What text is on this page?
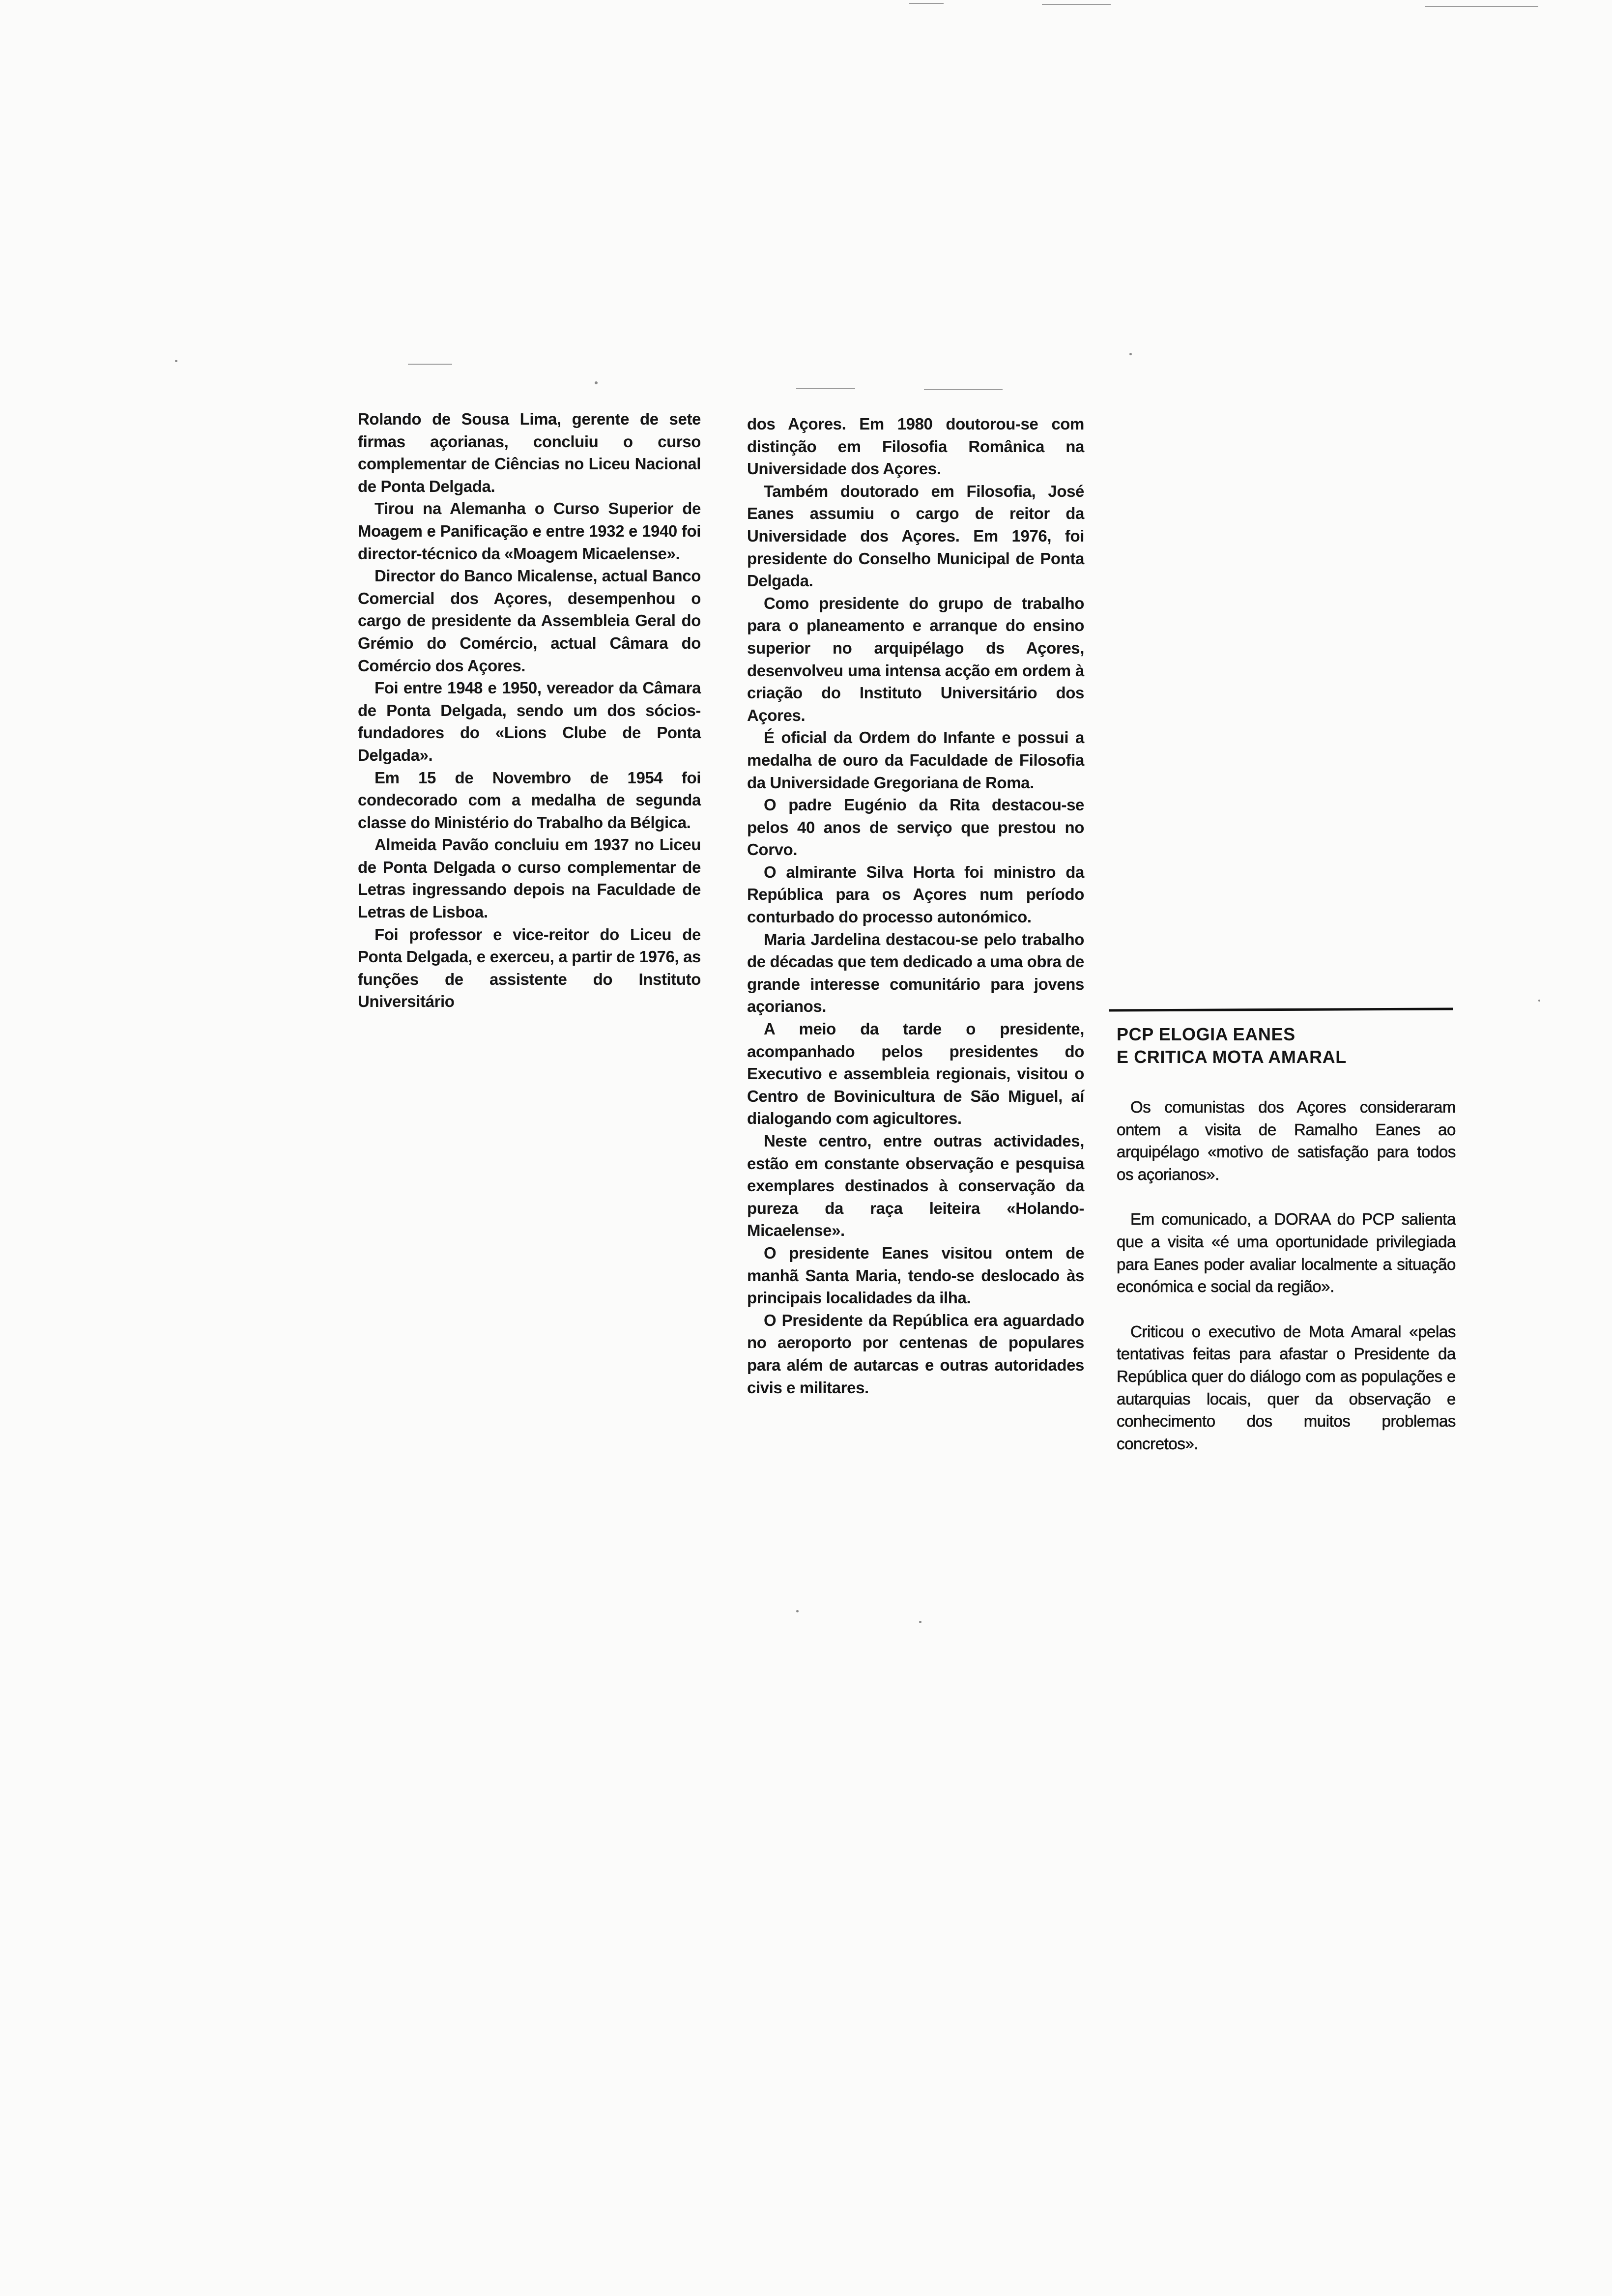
Rolando de Sousa Lima, gerente de sete firmas açorianas, concluiu o curso complementar de Ciências no Liceu Nacional de Ponta Delgada.

Tirou na Alemanha o Curso Superior de Moagem e Panificação e entre 1932 e 1940 foi director-técnico da «Moagem Micaelense».

Director do Banco Micalense, actual Banco Comercial dos Açores, desempenhou o cargo de presidente da Assembleia Geral do Grémio do Comércio, actual Câmara do Comércio dos Açores.

Foi entre 1948 e 1950, vereador da Câmara de Ponta Delgada, sendo um dos sócios-fundadores do «Lions Clube de Ponta Delgada».

Em 15 de Novembro de 1954 foi condecorado com a medalha de segunda classe do Ministério do Trabalho da Bélgica.

Almeida Pavão concluiu em 1937 no Liceu de Ponta Delgada o curso complementar de Letras ingressando depois na Faculdade de Letras de Lisboa.

Foi professor e vice-reitor do Liceu de Ponta Delgada, e exerceu, a partir de 1976, as funções de assistente do Instituto Universitário

dos Açores. Em 1980 doutorou-se com distinção em Filosofia Românica na Universidade dos Açores.

Também doutorado em Filosofia, José Eanes assumiu o cargo de reitor da Universidade dos Açores. Em 1976, foi presidente do Conselho Municipal de Ponta Delgada.

Como presidente do grupo de trabalho para o planeamento e arranque do ensino superior no arquipélago ds Açores, desenvolveu uma intensa acção em ordem à criação do Instituto Universitário dos Açores.

É oficial da Ordem do Infante e possui a medalha de ouro da Faculdade de Filosofia da Universidade Gregoriana de Roma.

O padre Eugénio da Rita destacou-se pelos 40 anos de serviço que prestou no Corvo.

O almirante Silva Horta foi ministro da República para os Açores num período conturbado do processo autonómico.

Maria Jardelina destacou-se pelo trabalho de décadas que tem dedicado a uma obra de grande interesse comunitário para jovens açorianos.

A meio da tarde o presidente, acompanhado pelos presidentes do Executivo e assembleia regionais, visitou o Centro de Bovinicultura de São Miguel, aí dialogando com agicultores.

Neste centro, entre outras actividades, estão em constante observação e pesquisa exemplares destinados à conservação da pureza da raça leiteira «Holando-Micaelense».

O presidente Eanes visitou ontem de manhã Santa Maria, tendo-se deslocado às principais localidades da ilha.

O Presidente da República era aguardado no aeroporto por centenas de populares para além de autarcas e outras autoridades civis e militares.

PCP ELOGIA EANES
E CRITICA MOTA AMARAL

Os comunistas dos Açores consideraram ontem a visita de Ramalho Eanes ao arquipélago «motivo de satisfação para todos os açorianos».

Em comunicado, a DORAA do PCP salienta que a visita «é uma oportunidade privilegiada para Eanes poder avaliar localmente a situação económica e social da região».

Criticou o executivo de Mota Amaral «pelas tentativas feitas para afastar o Presidente da República quer do diálogo com as populações e autarquias locais, quer da observação e conhecimento dos muitos problemas concretos».
